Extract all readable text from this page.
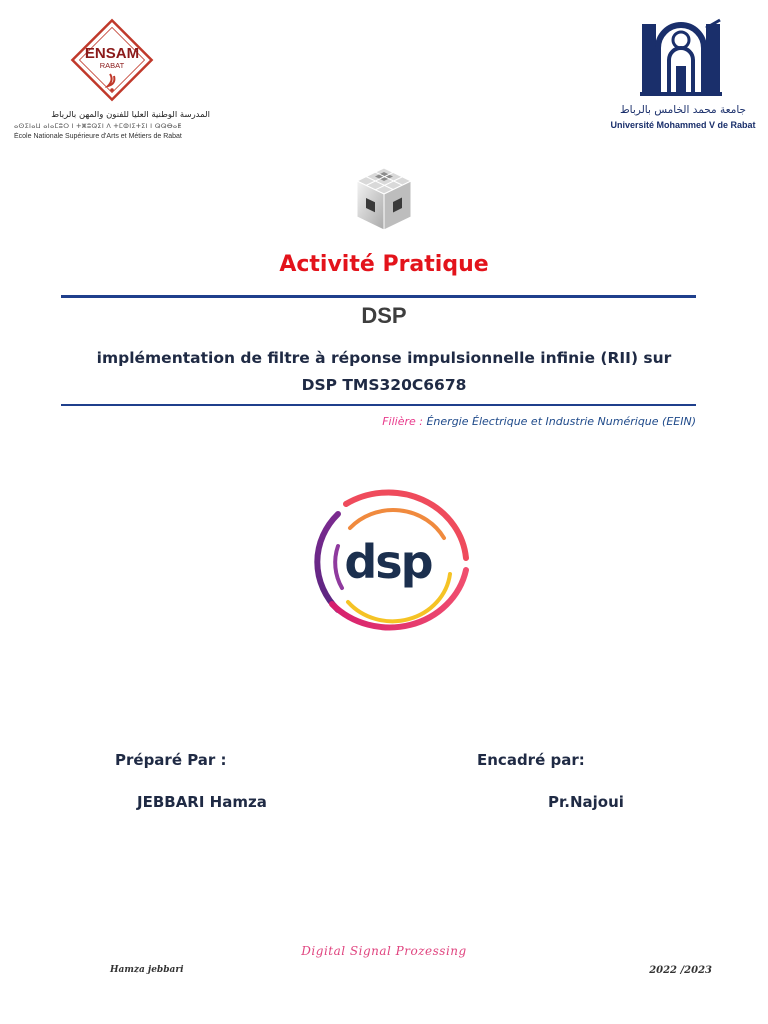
ENSAM
RABAT
المدرسة الوطنية العليا للفنون والمهن بالرباط
ⴰⵙⵉⵏⴰⵡ ⴰⵏⴰⵎⵓⵔ ⵏ ⵜⵥⵓⵕⵉⵏ ⴷ ⵜⵎⵀⵏⵉⵜⵉⵏ ⵏ ⵕⵕⴱⴰⵟ
École Nationale Supérieure d'Arts et Métiers de Rabat
جامعة محمد الخامس بالرباط
Université Mohammed V de Rabat
Activité Pratique
DSP
implémentation de filtre à réponse impulsionnelle infinie (RII) sur
DSP TMS320C6678
Filière : Énergie Électrique et Industrie Numérique (EEIN)
dsp
Préparé Par :	Encadré par:
JEBBARI Hamza	Pr.Najoui
Digital Signal Prozessing
Hamza jebbari	2022 /2023
